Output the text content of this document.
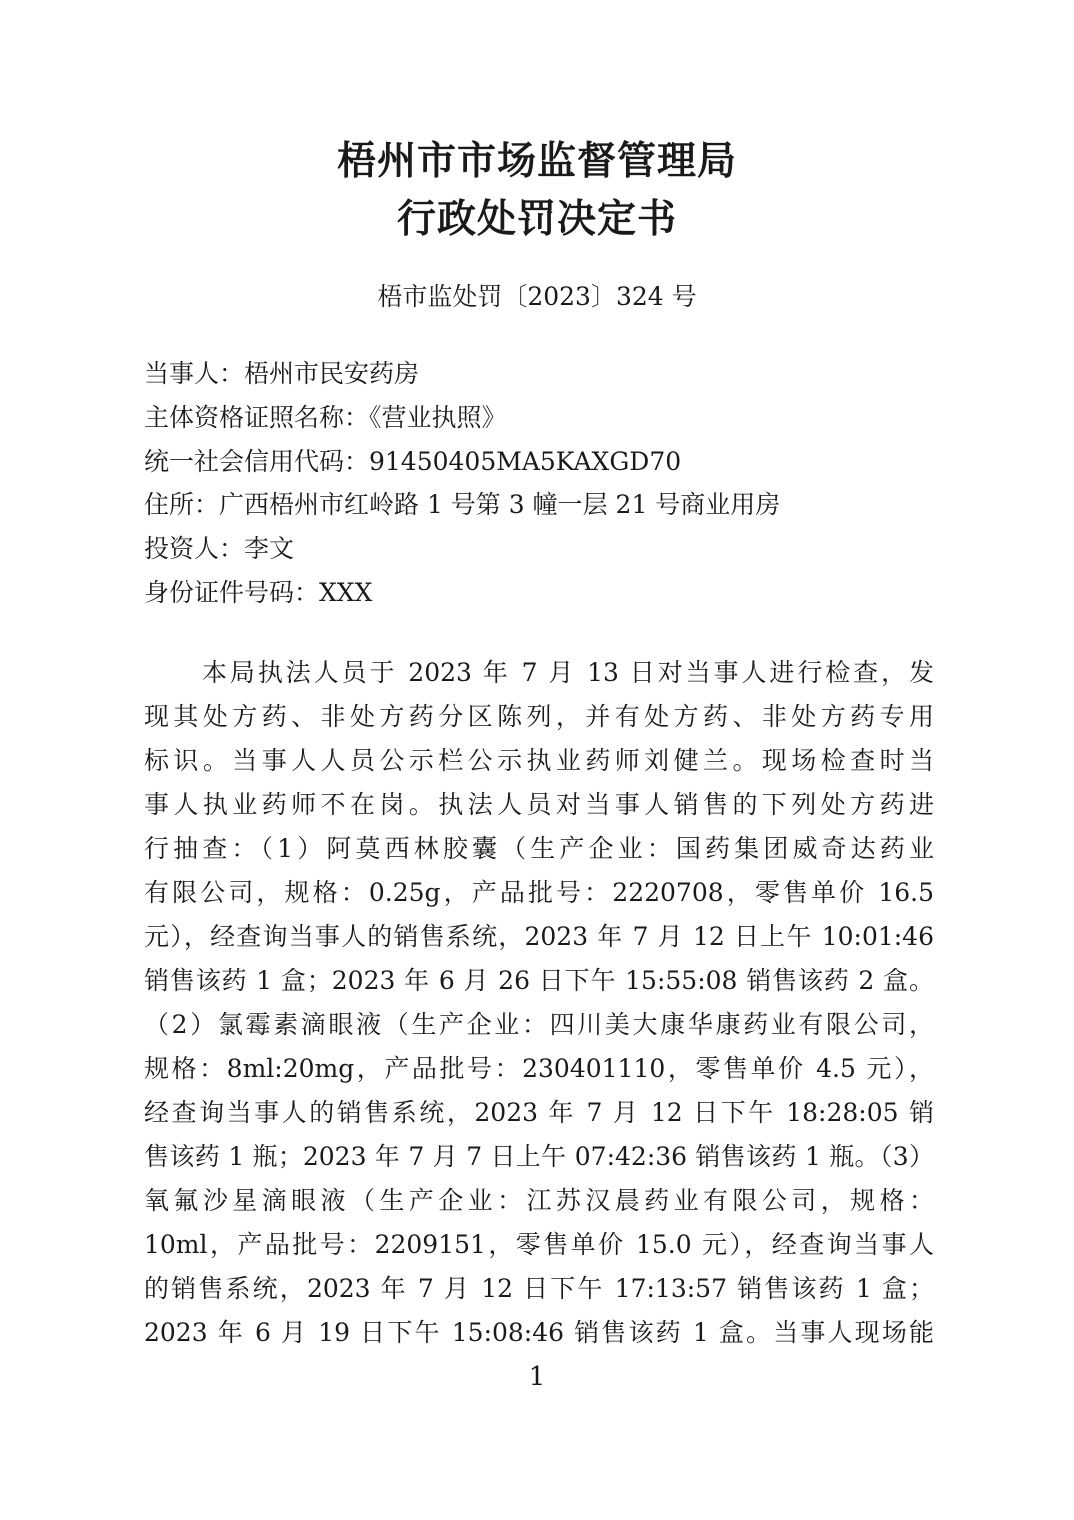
梧州市市场监督管理局
行政处罚决定书
梧市监处罚〔2023〕324 号
当事人：梧州市民安药房
主体资格证照名称：《营业执照》
统一社会信用代码：91450405MA5KAXGD70
住所：广西梧州市红岭路 1 号第 3 幢一层 21 号商业用房
投资人：李文
身份证件号码：XXX
本局执法人员于 2023 年 7 月 13 日对当事人进行检查，发
现其处方药、非处方药分区陈列，并有处方药、非处方药专用
标识。当事人人员公示栏公示执业药师刘健兰。现场检查时当
事人执业药师不在岗。执法人员对当事人销售的下列处方药进
行抽查：（1）阿莫西林胶囊（生产企业：国药集团威奇达药业
有限公司，规格：0.25g，产品批号：2220708，零售单价 16.5
元），经查询当事人的销售系统，2023 年 7 月 12 日上午 10:01:46
销售该药 1 盒；2023 年 6 月 26 日下午 15:55:08 销售该药 2 盒。
（2）氯霉素滴眼液（生产企业：四川美大康华康药业有限公司，
规格：8ml:20mg，产品批号：230401110，零售单价 4.5 元），
经查询当事人的销售系统，2023 年 7 月 12 日下午 18:28:05 销
售该药 1 瓶；2023 年 7 月 7 日上午 07:42:36 销售该药 1 瓶。（3）
氧氟沙星滴眼液（生产企业：江苏汉晨药业有限公司，规格：
10ml，产品批号：2209151，零售单价 15.0 元），经查询当事人
的销售系统，2023 年 7 月 12 日下午 17:13:57 销售该药 1 盒；
2023 年 6 月 19 日下午 15:08:46 销售该药 1 盒。当事人现场能
1
